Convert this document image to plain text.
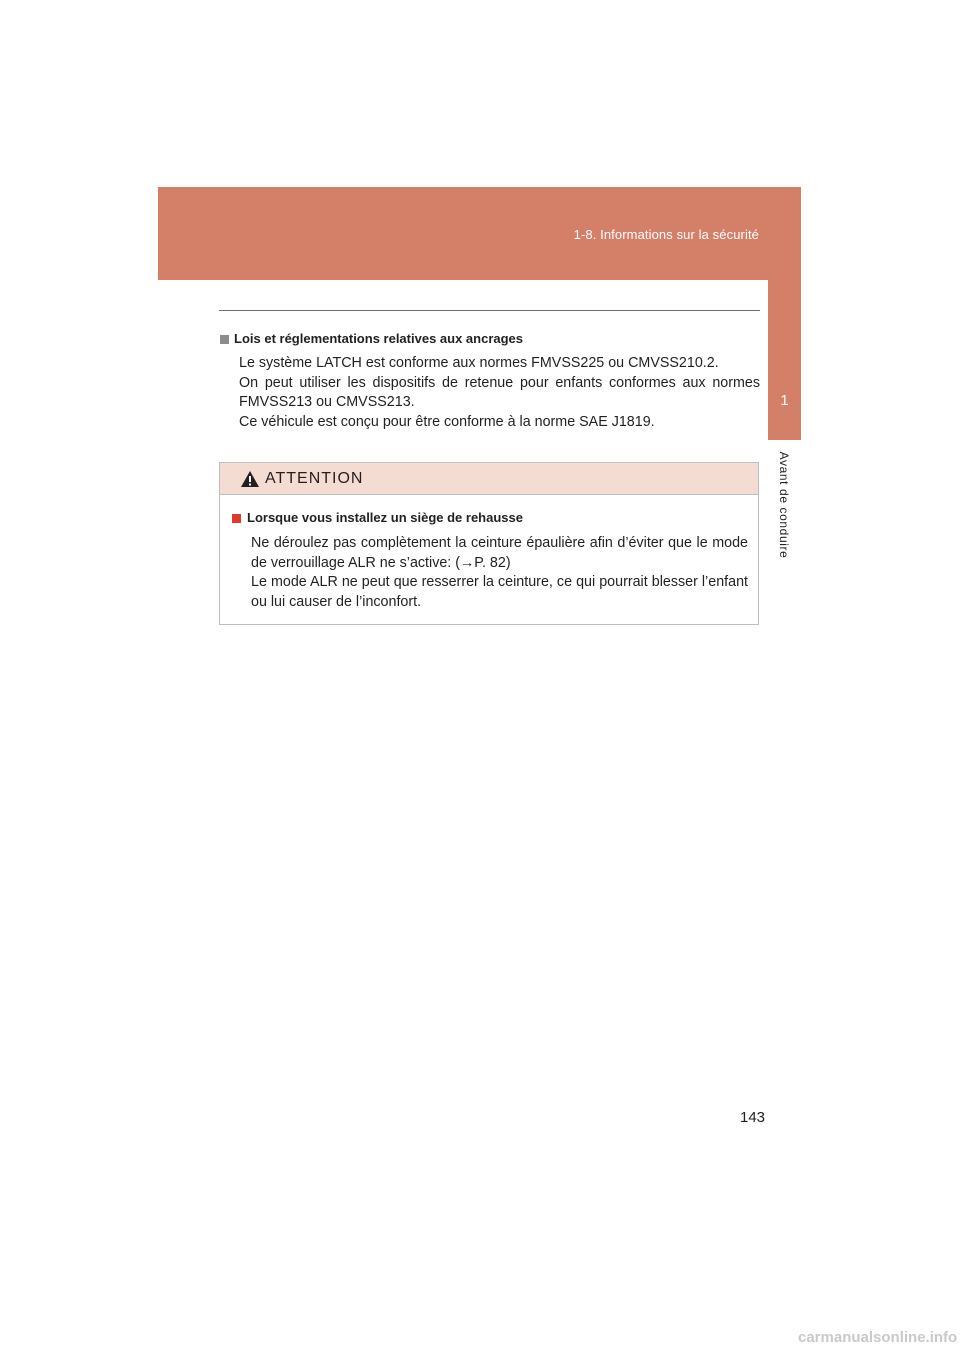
1-8. Informations sur la sécurité
1
Avant de conduire
Lois et réglementations relatives aux ancrages

Le système LATCH est conforme aux normes FMVSS225 ou CMVSS210.2.

On peut utiliser les dispositifs de retenue pour enfants conformes aux normes FMVSS213 ou CMVSS213.

Ce véhicule est conçu pour être conforme à la norme SAE J1819.

ATTENTION
Lorsque vous installez un siège de rehausse

Ne déroulez pas complètement la ceinture épaulière afin d’éviter que le mode de verrouillage ALR ne s’active: (→P. 82)

Le mode ALR ne peut que resserrer la ceinture, ce qui pourrait blesser l’enfant ou lui causer de l’inconfort.

143
carmanualsonline.info
